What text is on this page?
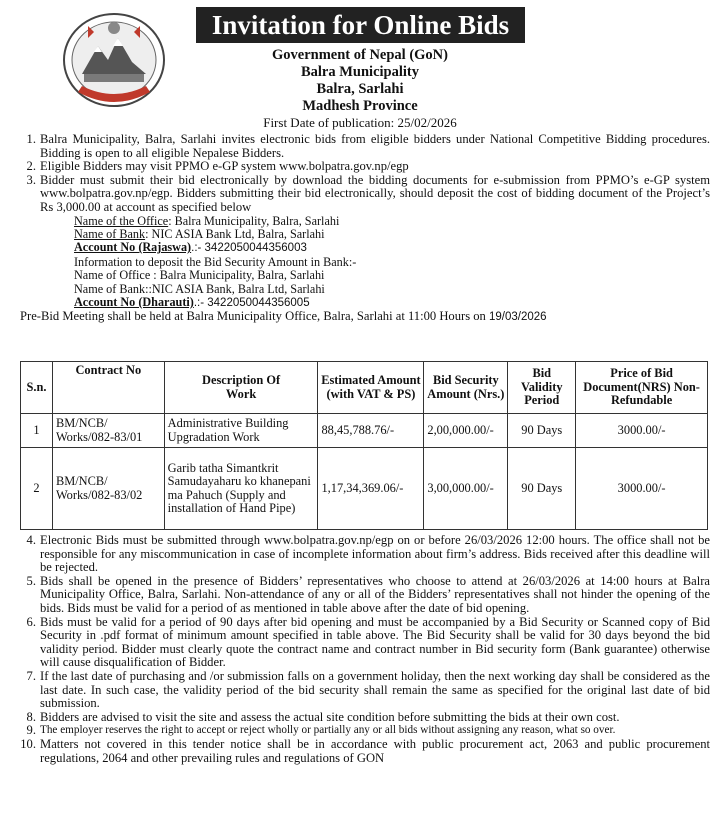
Invitation for Online Bids
Government of Nepal (GoN)
Balra Municipality
Balra, Sarlahi
Madhesh Province
First Date of publication: 25/02/2026
1. Balra Municipality, Balra, Sarlahi invites electronic bids from eligible bidders under National Competitive Bidding procedures. Bidding is open to all eligible Nepalese Bidders.
2. Eligible Bidders may visit PPMO e-GP system www.bolpatra.gov.np/egp
3. Bidder must submit their bid electronically by download the bidding documents for e-submission from PPMO’s e-GP system www.bolpatra.gov.np/egp. Bidders submitting their bid electronically, should deposit the cost of bidding document of the Project’s Rs 3,000.00 at account as specified below
Name of the Office: Balra Municipality, Balra, Sarlahi
Name of Bank: NIC ASIA Bank Ltd, Balra, Sarlahi
Account No (Rajaswa).:- 3422050044356003
Information to deposit the Bid Security Amount in Bank:-
Name of Office : Balra Municipality, Balra, Sarlahi
Name of Bank::NIC ASIA Bank, Balra Ltd, Sarlahi
Account No (Dharauti).:- 3422050044356005
Pre-Bid Meeting shall be held at Balra Municipality Office, Balra, Sarlahi at 11:00 Hours on 19/03/2026
S.n.	Contract No	Description Of Work	Estimated Amount (with VAT & PS)	Bid Security Amount (Nrs.)	Bid Validity Period	Price of Bid Document(NRS) Non-Refundable
1	BM/NCB/ Works/082-83/01	Administrative Building Upgradation Work	88,45,788.76/-	2,00,000.00/-	90 Days	3000.00/-
2	BM/NCB/ Works/082-83/02	Garib tatha Simantkrit Samudayaharu ko khanepani ma Pahuch (Supply and installation of Hand Pipe)	1,17,34,369.06/-	3,00,000.00/-	90 Days	3000.00/-
4. Electronic Bids must be submitted through www.bolpatra.gov.np/egp on or before 26/03/2026 12:00 hours. The office shall not be responsible for any miscommunication in case of incomplete information about firm’s address. Bids received after this deadline will be rejected.
5. Bids shall be opened in the presence of Bidders’ representatives who choose to attend at 26/03/2026 at 14:00 hours at Balra Municipality Office, Balra, Sarlahi. Non-attendance of any or all of the Bidders’ representatives shall not hinder the opening of the bids. Bids must be valid for a period of as mentioned in table above after the date of bid opening.
6. Bids must be valid for a period of 90 days after bid opening and must be accompanied by a Bid Security or Scanned copy of Bid Security in .pdf format of minimum amount specified in table above. The Bid Security shall be valid for 30 days beyond the bid validity period. Bidder must clearly quote the contract name and contract number in Bid security form (Bank guarantee) otherwise will cause disqualification of Bidder.
7. If the last date of purchasing and /or submission falls on a government holiday, then the next working day shall be considered as the last date. In such case, the validity period of the bid security shall remain the same as specified for the original last date of bid submission.
8. Bidders are advised to visit the site and assess the actual site condition before submitting the bids at their own cost.
9. The employer reserves the right to accept or reject wholly or partially any or all bids without assigning any reason, what so over.
10. Matters not covered in this tender notice shall be in accordance with public procurement act, 2063 and public procurement regulations, 2064 and other prevailing rules and regulations of GON
